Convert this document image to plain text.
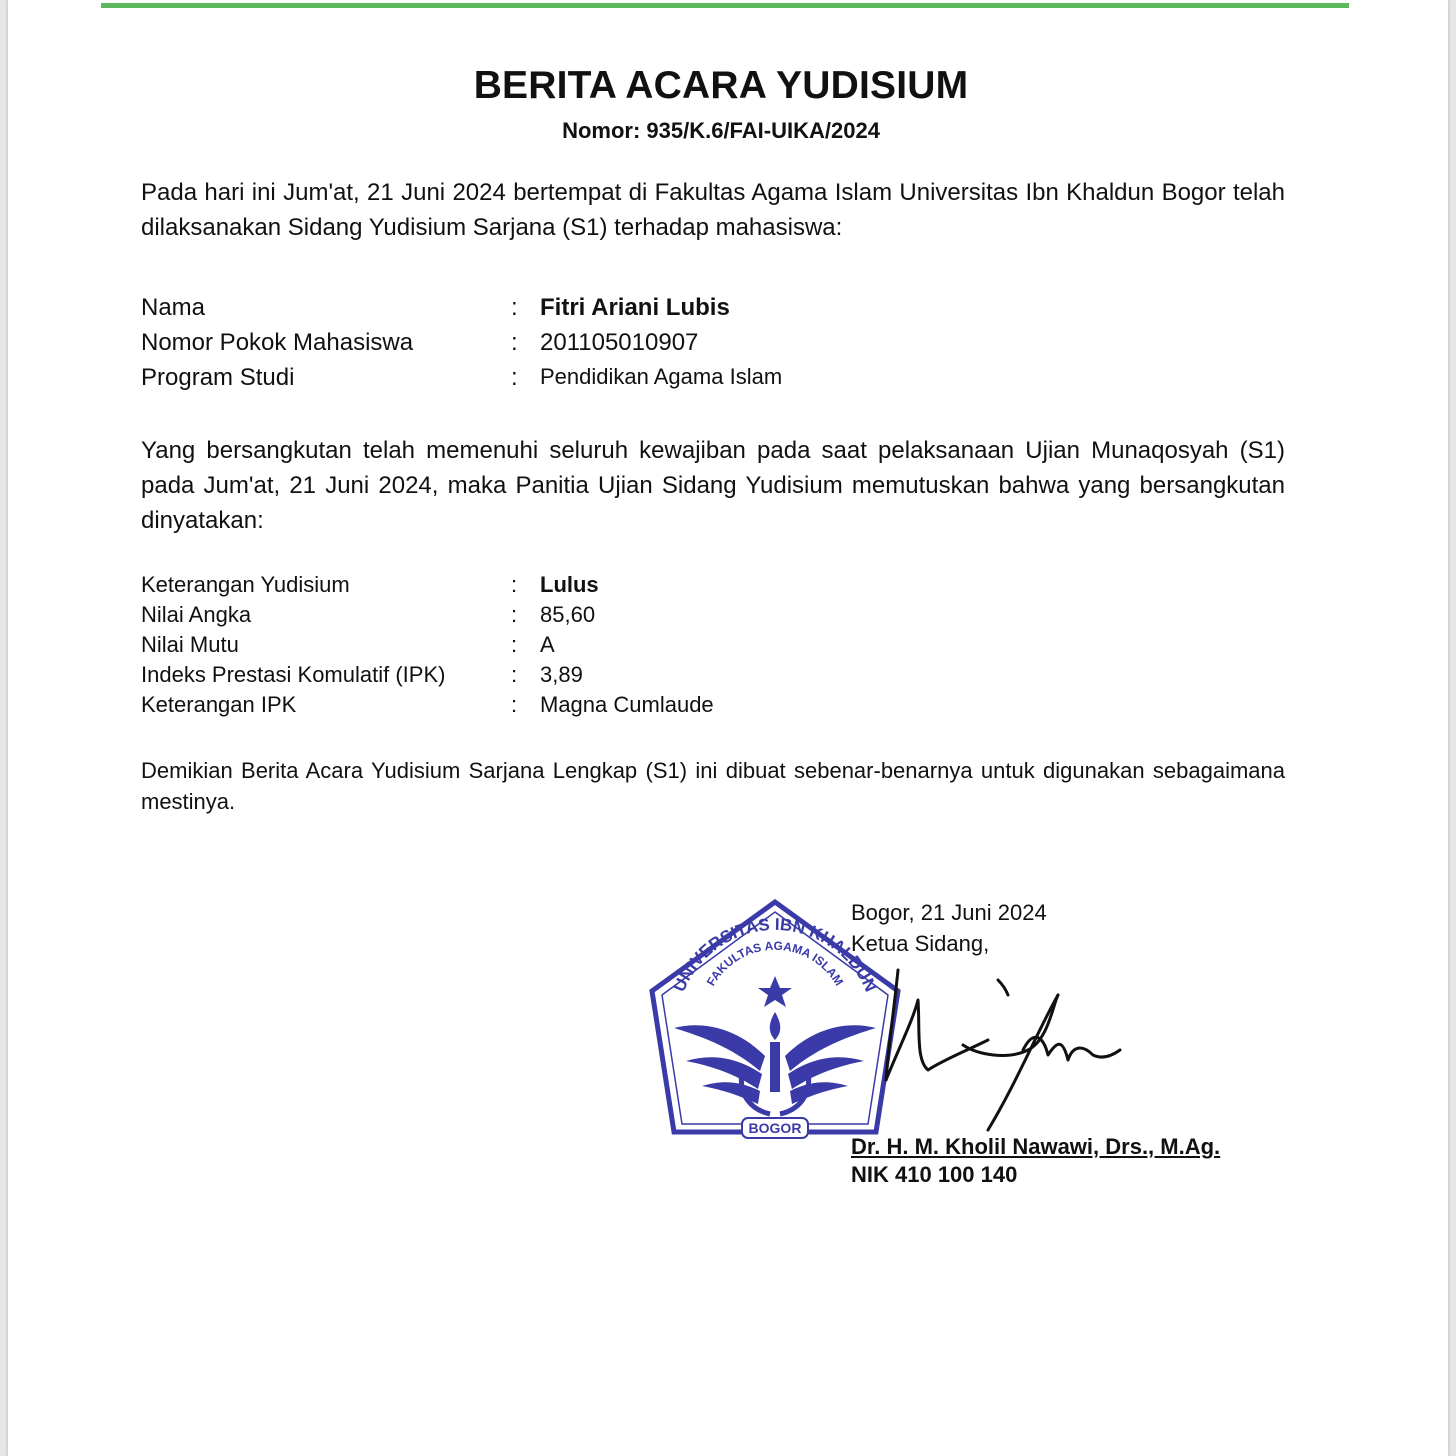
BERITA ACARA YUDISIUM
Nomor: 935/K.6/FAI-UIKA/2024
Pada hari ini Jum'at, 21 Juni 2024 bertempat di Fakultas Agama Islam Universitas Ibn Khaldun Bogor telah dilaksanakan Sidang Yudisium Sarjana (S1) terhadap mahasiswa:
Nama	: Fitri Ariani Lubis
Nomor Pokok Mahasiswa	: 201105010907
Program Studi	: Pendidikan Agama Islam
Yang bersangkutan telah memenuhi seluruh kewajiban pada saat pelaksanaan Ujian Munaqosyah (S1) pada Jum'at, 21 Juni 2024, maka Panitia Ujian Sidang Yudisium memutuskan bahwa yang bersangkutan dinyatakan:
Keterangan Yudisium	: Lulus
Nilai Angka	: 85,60
Nilai Mutu	: A
Indeks Prestasi Komulatif (IPK)	: 3,89
Keterangan IPK	: Magna Cumlaude
Demikian Berita Acara Yudisium Sarjana Lengkap (S1) ini dibuat sebenar-benarnya untuk digunakan sebagaimana mestinya.
UNIVERSITAS IBN KHALDUN
FAKULTAS AGAMA ISLAM
BOGOR
Bogor, 21 Juni 2024
Ketua Sidang,
Dr. H. M. Kholil Nawawi, Drs., M.Ag.
NIK 410 100 140
